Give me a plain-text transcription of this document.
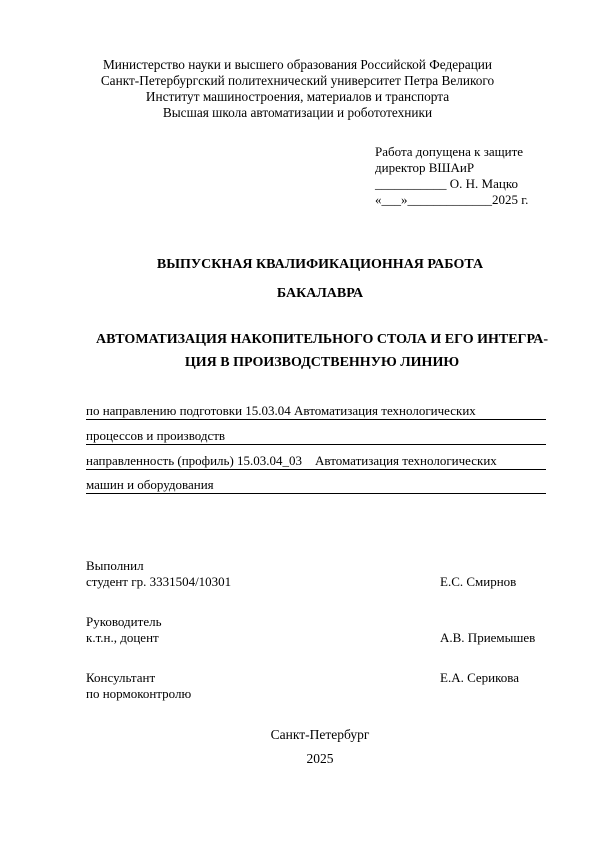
Министерство науки и высшего образования Российской Федерации
Санкт-Петербургский политехнический университет Петра Великого
Институт машиностроения, материалов и транспорта
Высшая школа автоматизации и робототехники
Работа допущена к защите
директор ВШАиР
___________ О. Н. Мацко
«___»_____________2025 г.
ВЫПУСКНАЯ КВАЛИФИКАЦИОННАЯ РАБОТА
БАКАЛАВРА
АВТОМАТИЗАЦИЯ НАКОПИТЕЛЬНОГО СТОЛА И ЕГО ИНТЕГРА-
ЦИЯ В ПРОИЗВОДСТВЕННУЮ ЛИНИЮ
по направлению подготовки 15.03.04 Автоматизация технологических
процессов и производств
направленность (профиль) 15.03.04_03    Автоматизация технологических
машин и оборудования
Выполнил
студент гр. 3331504/10301	Е.С. Смирнов
Руководитель
к.т.н., доцент	А.В. Приемышев
Консультант	Е.А. Серикова
по нормоконтролю
Санкт-Петербург
2025
